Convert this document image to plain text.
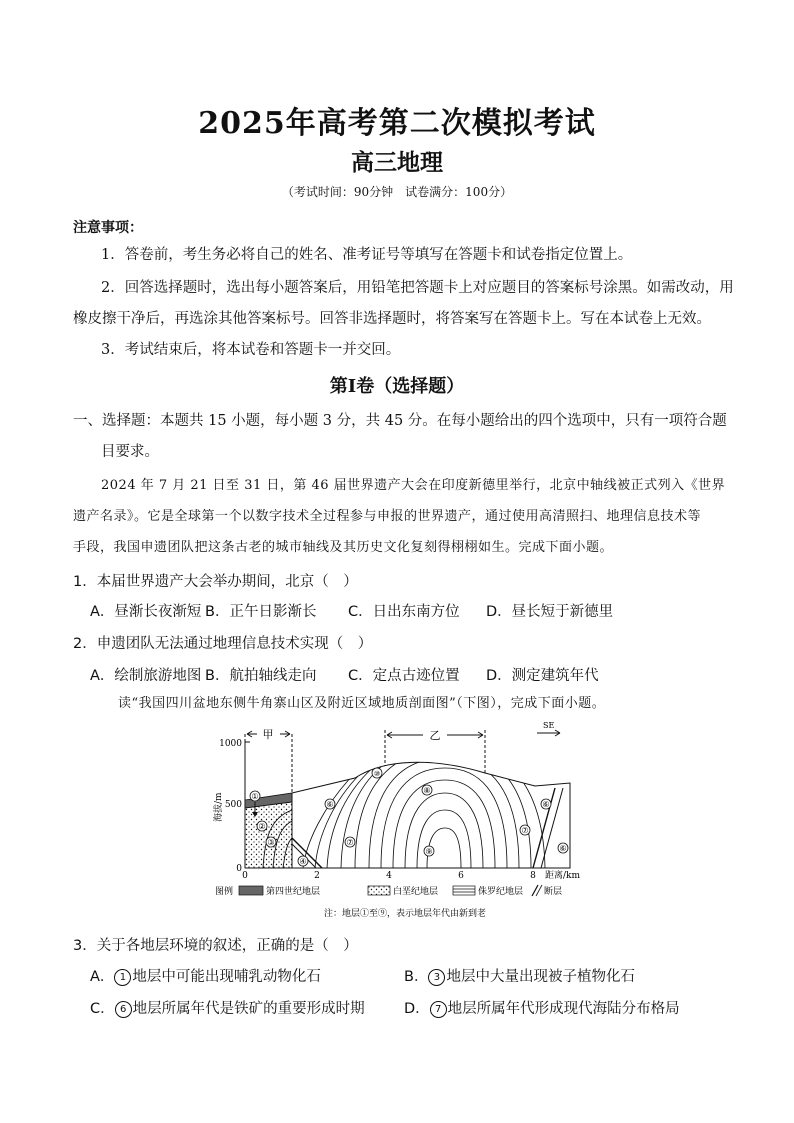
2025年高考第二次模拟考试
高三地理
（考试时间：90分钟　试卷满分：100分）
注意事项：
1．答卷前，考生务必将自己的姓名、准考证号等填写在答题卡和试卷指定位置上。
2．回答选择题时，选出每小题答案后，用铅笔把答题卡上对应题目的答案标号涂黑。如需改动，用
橡皮擦干净后，再选涂其他答案标号。回答非选择题时，将答案写在答题卡上。写在本试卷上无效。
3．考试结束后，将本试卷和答题卡一并交回。
第Ⅰ卷（选择题）
一、选择题：本题共 15 小题，每小题 3 分，共 45 分。在每小题给出的四个选项中，只有一项符合题
目要求。
2024 年 7 月 21 日至 31 日，第 46 届世界遗产大会在印度新德里举行，北京中轴线被正式列入《世界
遗产名录》。它是全球第一个以数字技术全过程参与申报的世界遗产，通过使用高清照扫、地理信息技术等
手段，我国申遗团队把这条古老的城市轴线及其历史文化复刻得栩栩如生。完成下面小题。
1．本届世界遗产大会举办期间，北京（　）
A．昼渐长夜渐短 B．正午日影渐长 C．日出东南方位 D．昼长短于新德里
2．申遗团队无法通过地理信息技术实现（　）
A．绘制旅游地图 B．航拍轴线走向 C．定点古迹位置 D．测定建筑年代
读“我国四川盆地东侧牛角寨山区及附近区域地质剖面图”（下图），完成下面小题。
1000
500
0
海拔/m
0	2	4	6	8 距离/km
甲	乙
SE
①
②
③
④
⑥
⑦
⑩
⑧
⑨
⑥
⑦
⑥
图例	第四世纪地层	白垩纪地层	侏罗纪地层 断层
注：地层①至⑨，表示地层年代由新到老
3．关于各地层环境的叙述，正确的是（　）
A． 1 地层中可能出现哺乳动物化石	B． 3 地层中大量出现被子植物化石
C． 6 地层所属年代是铁矿的重要形成时期	D． 7 地层所属年代形成现代海陆分布格局
